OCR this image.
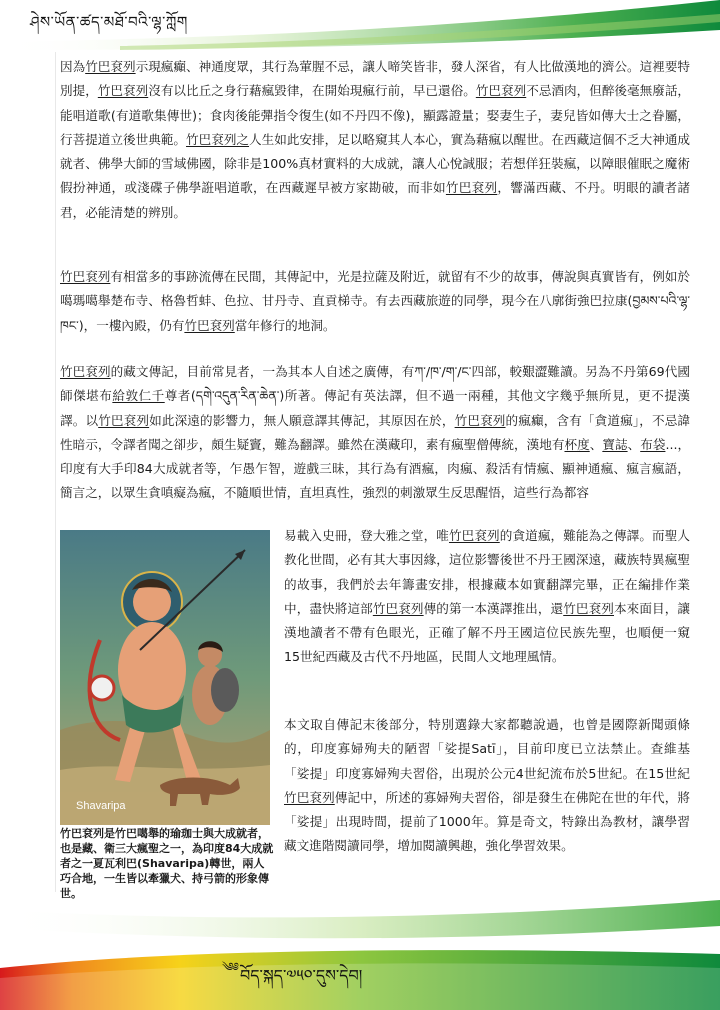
ཤེས་ཡོན་ཚད་མཐོ་བའི་ལྷ་ཀློག

因為竹巴袞列示現瘋癲、神通度眾，其行為葷腥不忌，讓人啼笑皆非，發人深省，有人比做漢地的濟公。這裡要特別提，竹巴袞列沒有以比丘之身行藉瘋毀律，在開始現瘋行前，早已還俗。竹巴袞列不忌酒肉，但醉後毫無廢話，能唱道歌(有道歌集傳世)；食肉後能彈指令復生(如不丹四不像)，顯露證量；娶妻生子，妻兒皆如傳大士之眷屬，行菩提道立後世典範。竹巴袞列之人生如此安排，足以略窺其人本心，實為藉瘋以醒世。在西藏這個不乏大神通成就者、佛學大師的雪域佛國，除非是100%真材實料的大成就，讓人心悅誠服；若想佯狂裝瘋，以障眼催眠之魔術假扮神通，或淺碟子佛學誑唱道歌，在西藏遲早被方家勘破，而非如竹巴袞列，響滿西藏、不丹。明眼的讀者諸君，必能清楚的辨別。

竹巴袞列有相當多的事跡流傳在民間，其傳記中，光是拉薩及附近，就留有不少的故事，傳說與真實皆有，例如於噶瑪噶舉楚布寺、格魯哲蚌、色拉、甘丹寺、直貢梯寺。有去西藏旅遊的同學，現今在八廓街強巴拉康(བྱམས་པའི་ལྷ་ཁང་)，一樓內殿，仍有竹巴袞列當年修行的地洞。

竹巴袞列的藏文傳記，目前常見者，一為其本人自述之廣傳，有ཀ་/ཁ་/ག་/ང་四部，較艱澀難讀。另為不丹第69代國師傑堪布給敦仁千尊者(དགེ་འདུན་རིན་ཆེན་)所著。傳記有英法譯，但不過一兩種，其他文字幾乎無所見，更不提漢譯。以竹巴袞列如此深遠的影響力，無人願意譯其傳記，其原因在於，竹巴袞列的瘋癲，含有「貪道瘋」，不忌諱性暗示，令譯者聞之卻步，頗生疑竇，難為翻譯。雖然在漢藏印，素有瘋聖僧傳統，漢地有杯度、寶誌、布袋...，印度有大手印84大成就者等，乍愚乍智，遊戲三昧，其行為有酒瘋，肉瘋、殺活有情瘋、顯神通瘋、瘋言瘋語，簡言之，以眾生貪嗔癡為瘋，不隨順世情，直坦真性，強烈的刺激眾生反思醒悟，這些行為都容

易載入史冊，登大雅之堂，唯竹巴袞列的貪道瘋，難能為之傳譯。而聖人教化世間，必有其大事因緣，這位影響後世不丹王國深遠，藏族特異瘋聖的故事，我們於去年籌畫安排，根據藏本如實翻譯完畢，正在編排作業中，盡快將這部竹巴袞列傳的第一本漢譯推出，還竹巴袞列本來面目，讓漢地讀者不帶有色眼光，正確了解不丹王國這位民族先聖，也順便一窺15世紀西藏及古代不丹地區，民間人文地理風情。

本文取自傳記末後部分，特別選錄大家都聽說過，也曾是國際新聞頭條的，印度寡婦殉夫的陋習「娑提Satī」，目前印度已立法禁止。查維基「娑提」印度寡婦殉夫習俗，出現於公元4世紀流布於5世紀。在15世紀竹巴袞列傳記中，所述的寡婦殉夫習俗，卻是發生在佛陀在世的年代，將「娑提」出現時間，提前了1000年。算是奇文，特錄出為教材，讓學習藏文進階閱讀同學，增加閱讀興趣，強化學習效果。

Shavaripa

竹巴袞列是竹巴噶舉的瑜珈士與大成就者，也是藏、衛三大瘋聖之一，為印度84大成就者之一夏瓦利巴(Shavaripa)轉世，兩人巧合地，一生皆以牽獵犬、持弓箭的形象傳世。

༄༅ བོད་སྐད་༧༥༠་དུས་དེབ།
